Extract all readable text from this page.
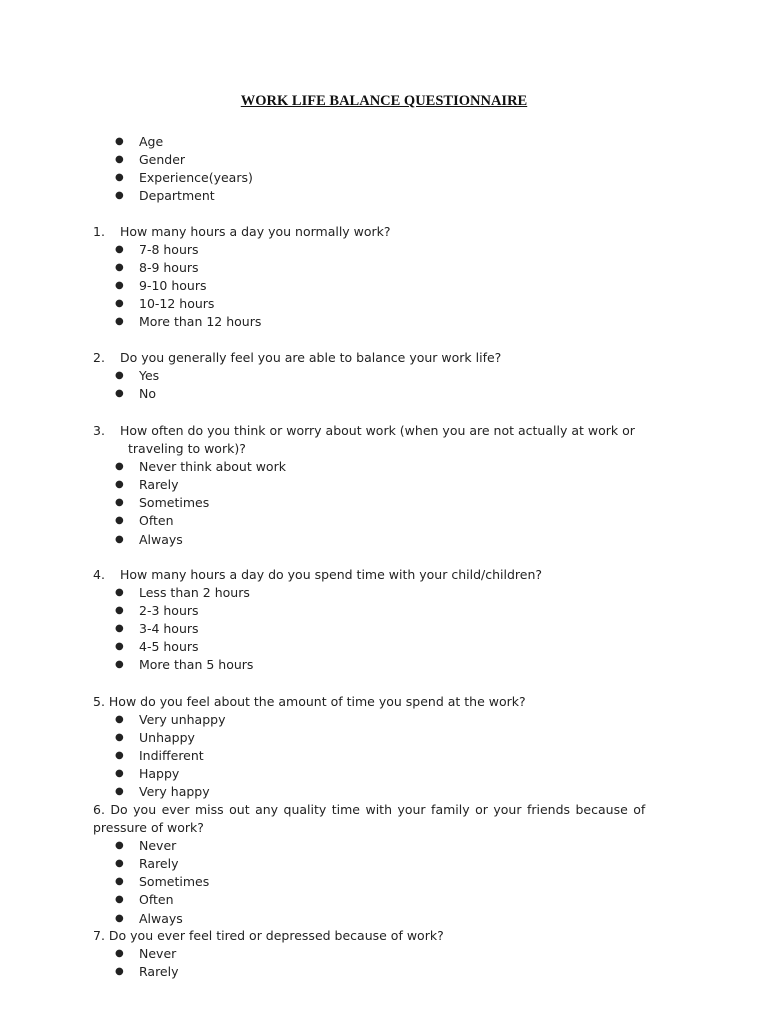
WORK LIFE BALANCE QUESTIONNAIRE
● Age
● Gender
● Experience(years)
● Department
1. How many hours a day you normally work?
● 7-8 hours
● 8-9 hours
● 9-10 hours
● 10-12 hours
● More than 12 hours
2. Do you generally feel you are able to balance your work life?
● Yes
● No
3. How often do you think or worry about work (when you are not actually at work or
traveling to work)?
● Never think about work
● Rarely
● Sometimes
● Often
● Always
4. How many hours a day do you spend time with your child/children?
● Less than 2 hours
● 2-3 hours
● 3-4 hours
● 4-5 hours
● More than 5 hours
5. How do you feel about the amount of time you spend at the work?
● Very unhappy
● Unhappy
● Indifferent
● Happy
● Very happy
6. Do you ever miss out any quality time with your family or your friends because of
pressure of work?
● Never
● Rarely
● Sometimes
● Often
● Always
7. Do you ever feel tired or depressed because of work?
● Never
● Rarely
